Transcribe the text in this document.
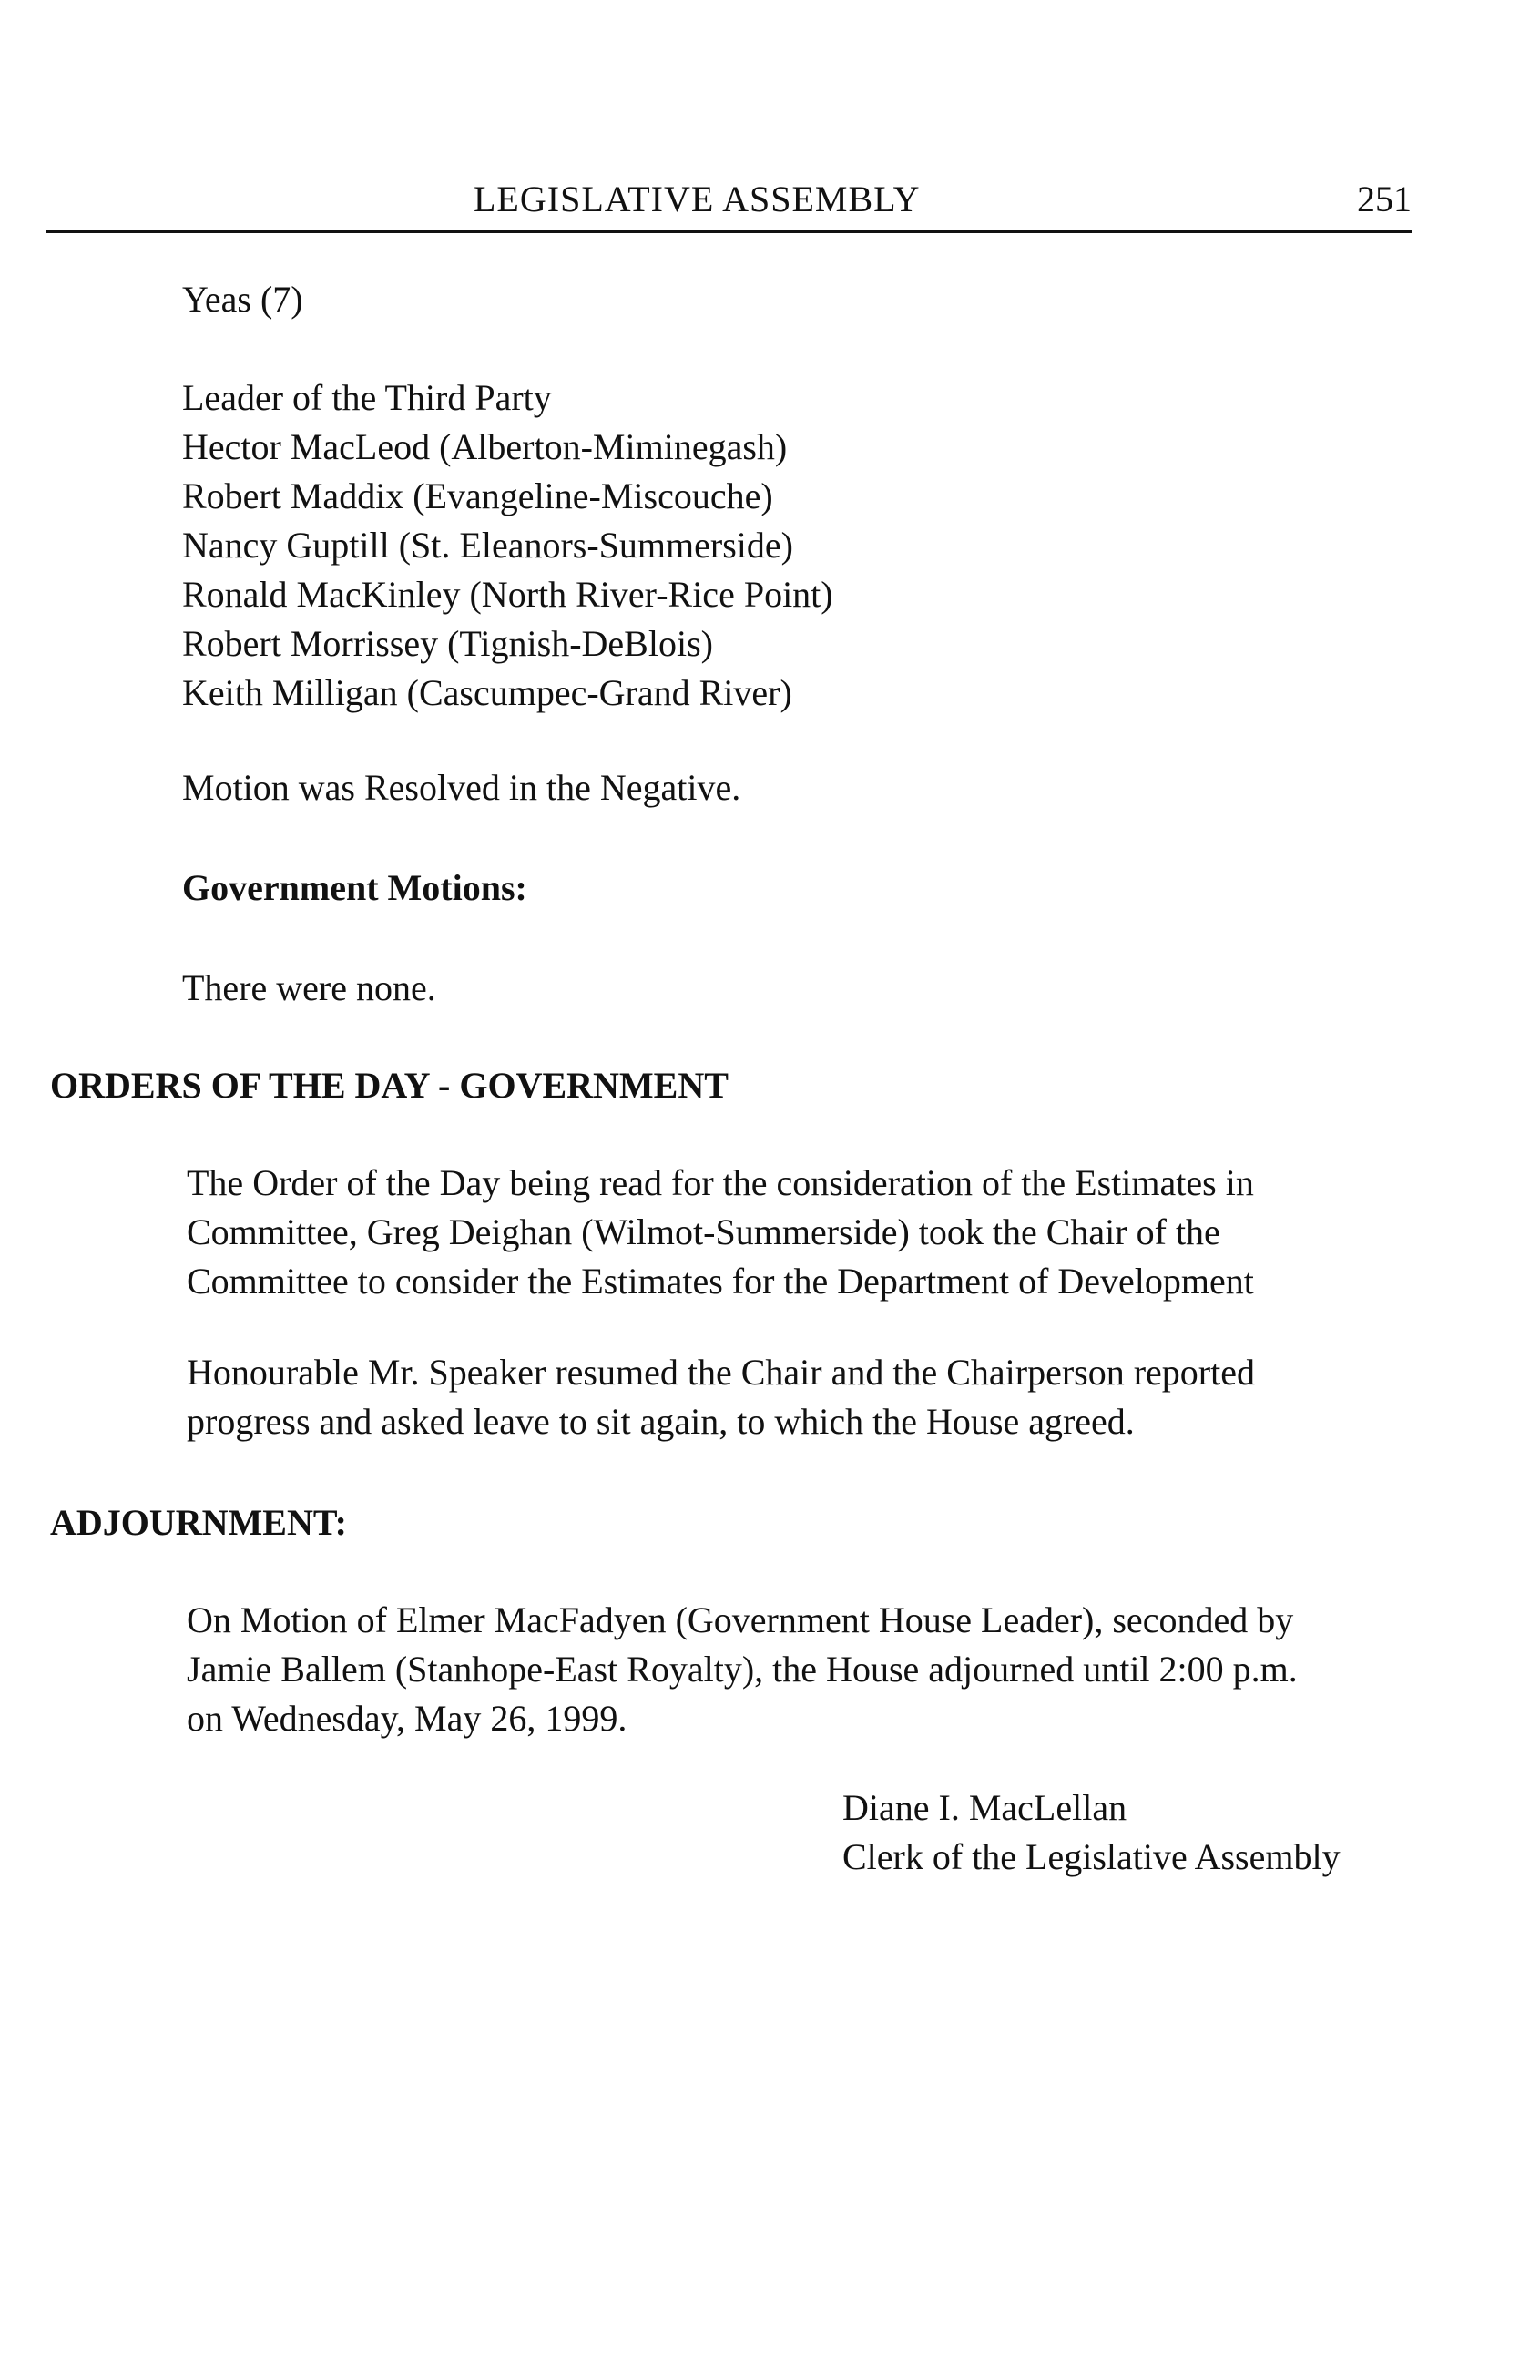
LEGISLATIVE ASSEMBLY	251
Yeas (7)
Leader of the Third Party
Hector MacLeod (Alberton-Miminegash)
Robert Maddix (Evangeline-Miscouche)
Nancy Guptill (St. Eleanors-Summerside)
Ronald MacKinley (North River-Rice Point)
Robert Morrissey (Tignish-DeBlois)
Keith Milligan (Cascumpec-Grand River)
Motion was Resolved in the Negative.
Government Motions:
There were none.
ORDERS OF THE DAY - GOVERNMENT
The Order of the Day being read for the consideration of the Estimates in
Committee, Greg Deighan (Wilmot-Summerside) took the Chair of the
Committee to consider the Estimates for the Department of Development
Honourable Mr. Speaker resumed the Chair and the Chairperson reported
progress and asked leave to sit again, to which the House agreed.
ADJOURNMENT:
On Motion of Elmer MacFadyen (Government House Leader), seconded by
Jamie Ballem (Stanhope-East Royalty), the House adjourned until 2:00 p.m.
on Wednesday, May 26, 1999.
Diane I. MacLellan
Clerk of the Legislative Assembly
